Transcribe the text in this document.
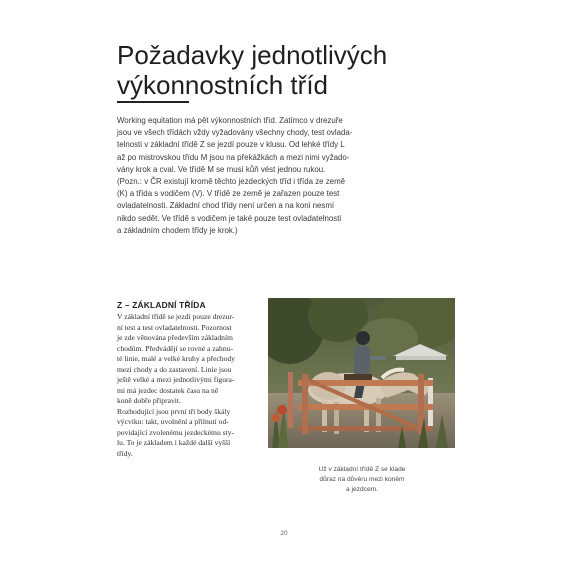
Požadavky jednotlivých
výkonnostních tříd

Working equitation má pět výkonnostních tříd. Zatímco v drezuře
jsou ve všech třídách vždy vyžadovány všechny chody, test ovlada-
telnosti v základní třídě Z se jezdí pouze v klusu. Od lehké třídy L
až po mistrovskou třídu M jsou na překážkách a mezi nimi vyžado-
vány krok a cval. Ve třídě M se musí kůň vést jednou rukou.
(Pozn.: v ČR existují kromě těchto jezdeckých tříd i třída ze země
(K) a třída s vodičem (V). V třídě ze země je zařazen pouze test
ovladatelnosti. Základní chod třídy není určen a na koni nesmí
nikdo sedět. Ve třídě s vodičem je také pouze test ovladatelnosti
a základním chodem třídy je krok.)

Z – ZÁKLADNÍ TŘÍDA

V základní třídě se jezdí pouze drezur-
ní test a test ovladatelnosti. Pozornost
je zde věnována především základním
chodům. Předvádějí se rovné a zahnu-
té linie, malé a velké kruhy a přechody
mezi chody a do zastavení. Linie jsou
ještě velké a mezi jednotlivými figura-
mi má jezdec dostatek času na ně
koně dobře připravit.
Rozhodující jsou první tři body škály
výcviku: takt, uvolnění a přilnutí od-
povídající zvolenému jezdeckému sty-
lu. To je základem i každé další vyšší
třídy.

Už v základní třídě Z se klade
důraz na důvěru mezi koněm
a jezdcem.

20
